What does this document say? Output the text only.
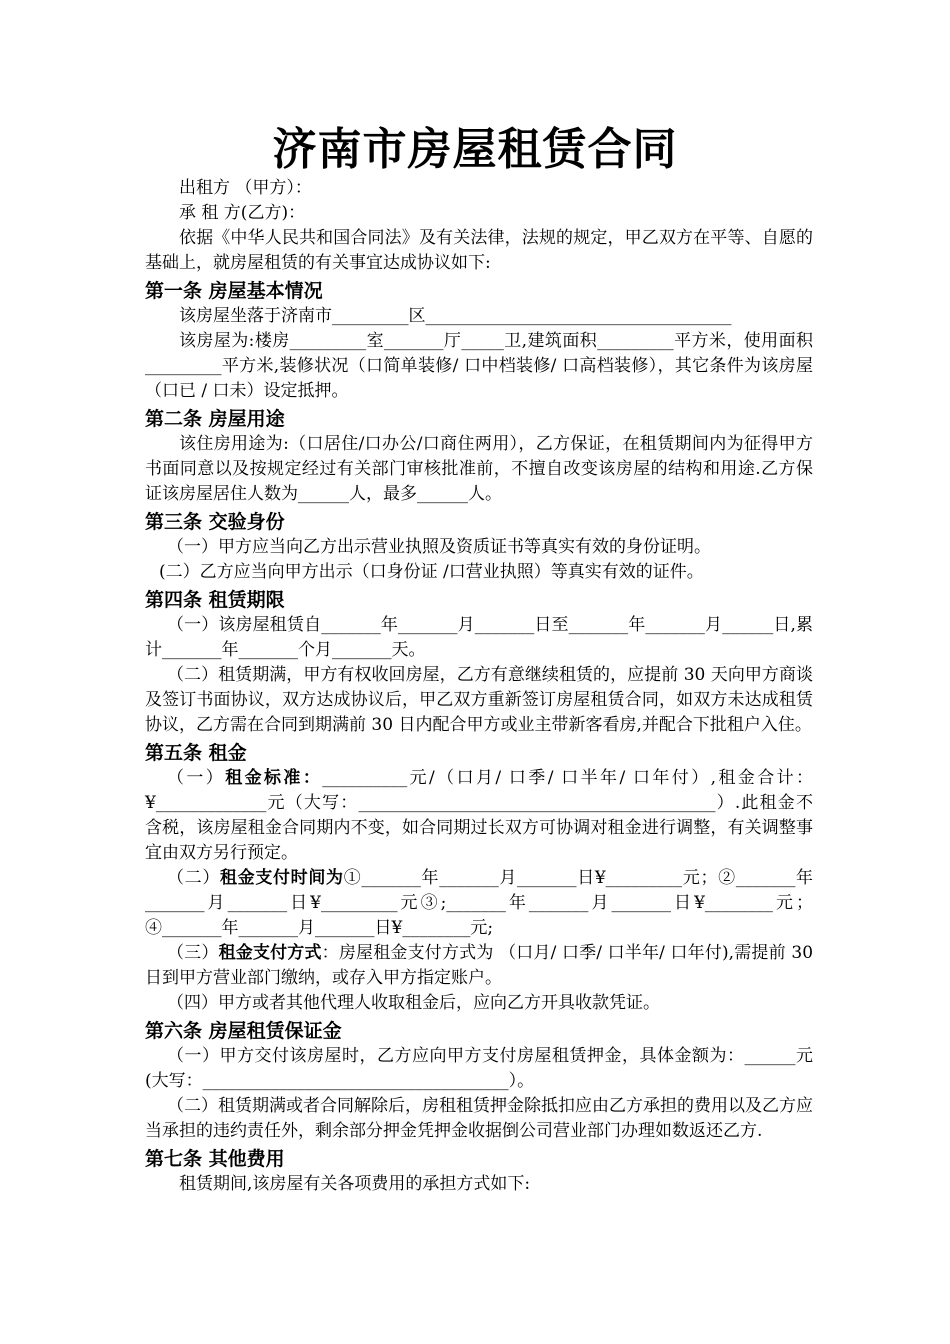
济南市房屋租赁合同

出租方 （甲方）：

承 租 方(乙方)：

依据《中华人民共和国合同法》及有关法律，法规的规定，甲乙双方在平等、自愿的基础上，就房屋租赁的有关事宜达成协议如下:

第一条 房屋基本情况

该房屋坐落于济南市_________区____________________________________

该房屋为:楼房_________室_______厅_____卫,建筑面积_________平方米，使用面积_________平方米,装修状况（口简单装修/ 口中档装修/ 口高档装修），其它条件为该房屋（口已 / 口未）设定抵押。

第二条 房屋用途

该住房用途为:（口居住/口办公/口商住两用），乙方保证，在租赁期间内为征得甲方书面同意以及按规定经过有关部门审核批准前，不擅自改变该房屋的结构和用途.乙方保证该房屋居住人数为______人，最多______人。

第三条 交验身份

（一）甲方应当向乙方出示营业执照及资质证书等真实有效的身份证明。

(二）乙方应当向甲方出示（口身份证 /口营业执照）等真实有效的证件。

第四条 租赁期限

（一）该房屋租赁自_______年_______月_______日至_______年_______月______日,累计_______年_______个月_______天。

（二）租赁期满，甲方有权收回房屋，乙方有意继续租赁的，应提前 30 天向甲方商谈及签订书面协议，双方达成协议后，甲乙双方重新签订房屋租赁合同，如双方未达成租赁协议，乙方需在合同到期满前 30 日内配合甲方或业主带新客看房,并配合下批租户入住。

第五条 租金

（一）租金标准：__________元/（口月/ 口季/ 口半年/ 口年付）,租金合计：¥_____________元（大写：__________________________________________）.此租金不含税，该房屋租金合同期内不变，如合同期过长双方可协调对租金进行调整，有关调整事宜由双方另行预定。

（二）租金支付时间为①_______年_______月_______日¥_________元；②_______年_______月_______日¥_________元③;_______年_______月_______日¥________元；④_______年_______月_______日¥________元;

（三）租金支付方式：房屋租金支付方式为 （口月/ 口季/ 口半年/ 口年付),需提前 30 日到甲方营业部门缴纳，或存入甲方指定账户。

（四）甲方或者其他代理人收取租金后，应向乙方开具收款凭证。

第六条 房屋租赁保证金

（一）甲方交付该房屋时，乙方应向甲方支付房屋租赁押金，具体金额为：______元(大写：____________________________________）。

（二）租赁期满或者合同解除后，房租租赁押金除抵扣应由乙方承担的费用以及乙方应当承担的违约责任外，剩余部分押金凭押金收据倒公司营业部门办理如数返还乙方.

第七条 其他费用

租赁期间,该房屋有关各项费用的承担方式如下:
